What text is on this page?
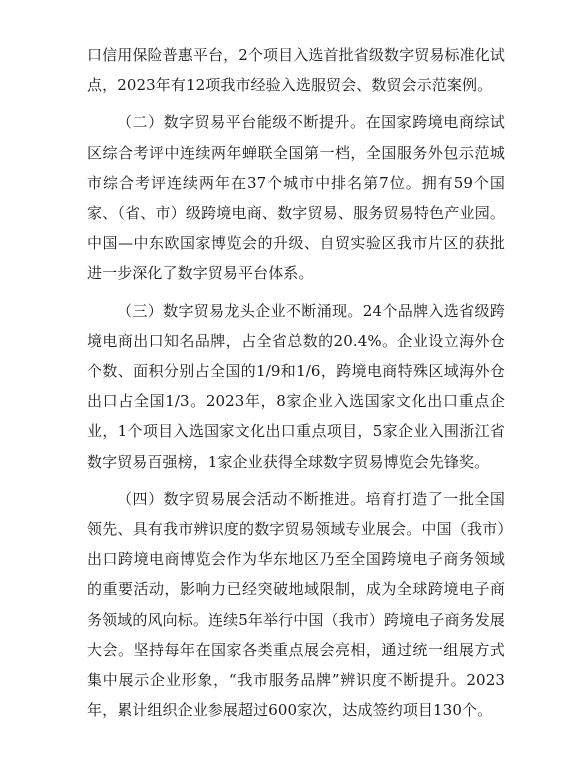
口信用保险普惠平台，2个项目入选首批省级数字贸易标准化试点，2023年有12项我市经验入选服贸会、数贸会示范案例。

（二）数字贸易平台能级不断提升。在国家跨境电商综试区综合考评中连续两年蝉联全国第一档，全国服务外包示范城市综合考评连续两年在37个城市中排名第7位。拥有59个国家、（省、市）级跨境电商、数字贸易、服务贸易特色产业园。中国—中东欧国家博览会的升级、自贸实验区我市片区的获批进一步深化了数字贸易平台体系。

（三）数字贸易龙头企业不断涌现。24个品牌入选省级跨境电商出口知名品牌，占全省总数的20.4%。企业设立海外仓个数、面积分别占全国的1/9和1/6，跨境电商特殊区域海外仓出口占全国1/3。2023年，8家企业入选国家文化出口重点企业，1个项目入选国家文化出口重点项目，5家企业入围浙江省数字贸易百强榜，1家企业获得全球数字贸易博览会先锋奖。

（四）数字贸易展会活动不断推进。培育打造了一批全国领先、具有我市辨识度的数字贸易领域专业展会。中国（我市）出口跨境电商博览会作为华东地区乃至全国跨境电子商务领域的重要活动，影响力已经突破地域限制，成为全球跨境电子商务领域的风向标。连续5年举行中国（我市）跨境电子商务发展大会。坚持每年在国家各类重点展会亮相，通过统一组展方式集中展示企业形象，“我市服务品牌”辨识度不断提升。2023年，累计组织企业参展超过600家次，达成签约项目130个。
